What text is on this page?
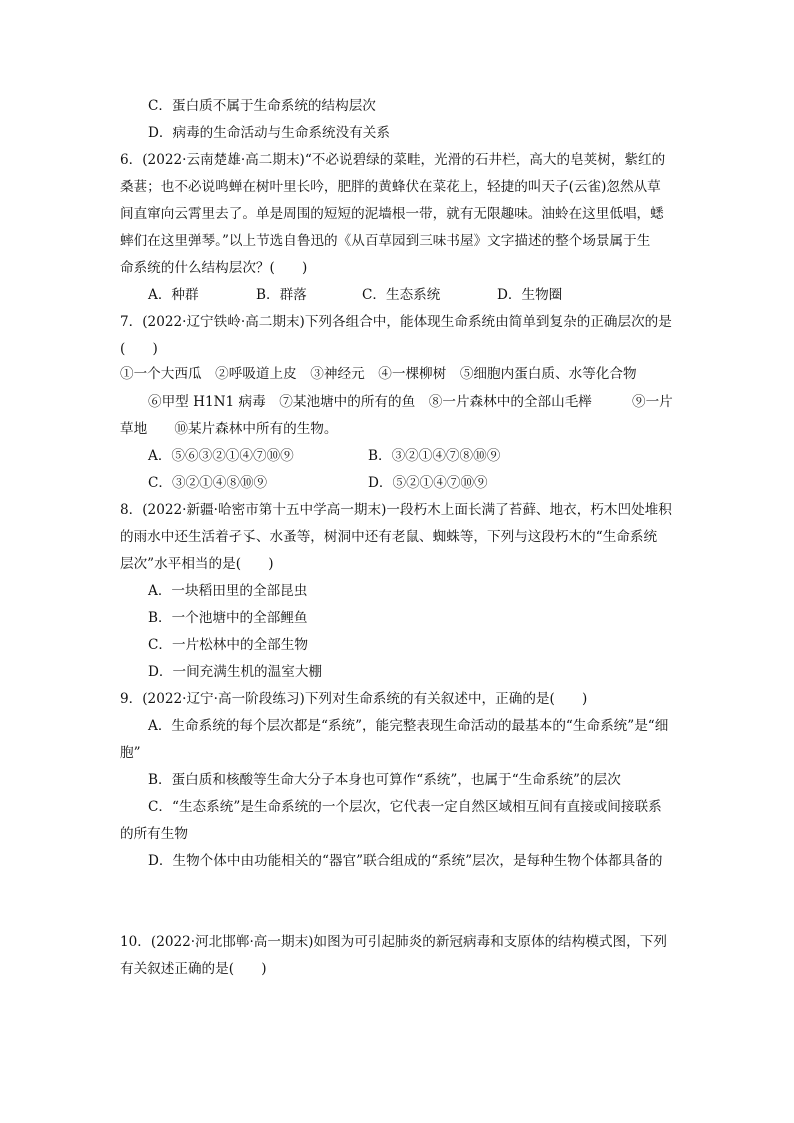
C．蛋白质不属于生命系统的结构层次
D．病毒的生命活动与生命系统没有关系
6．(2022·云南楚雄·高二期末)“不必说碧绿的菜畦，光滑的石井栏，高大的皂荚树，紫红的
桑葚；也不必说鸣蝉在树叶里长吟，肥胖的黄蜂伏在菜花上，轻捷的叫天子(云雀)忽然从草
间直窜向云霄里去了。单是周围的短短的泥墙根一带，就有无限趣味。油蛉在这里低唱，蟋
蟀们在这里弹琴。”以上节选自鲁迅的《从百草园到三味书屋》文字描述的整个场景属于生
命系统的什么结构层次？(　　)
A．种群	B．群落	C．生态系统	D．生物圈
7．(2022·辽宁铁岭·高二期末)下列各组合中，能体现生命系统由简单到复杂的正确层次的是
(　　)
①一个大西瓜　②呼吸道上皮　③神经元　④一棵柳树　⑤细胞内蛋白质、水等化合物
⑥甲型 H1N1 病毒　⑦某池塘中的所有的鱼　⑧一片森林中的全部山毛榉	⑨一片
草地　　⑩某片森林中所有的生物。
A．⑤⑥③②①④⑦⑩⑨	B．③②①④⑦⑧⑩⑨
C．③②①④⑧⑩⑨	D．⑤②①④⑦⑩⑨
8．(2022·新疆·哈密市第十五中学高一期末)一段朽木上面长满了苔藓、地衣，朽木凹处堆积
的雨水中还生活着孑孓、水蚤等，树洞中还有老鼠、蜘蛛等，下列与这段朽木的“生命系统
层次”水平相当的是(　　)
A．一块稻田里的全部昆虫
B．一个池塘中的全部鲤鱼
C．一片松林中的全部生物
D．一间充满生机的温室大棚
9．(2022·辽宁·高一阶段练习)下列对生命系统的有关叙述中，正确的是(　　)
A．生命系统的每个层次都是“系统”，能完整表现生命活动的最基本的“生命系统”是“细
胞”
B．蛋白质和核酸等生命大分子本身也可算作“系统”，也属于“生命系统”的层次
C．“生态系统”是生命系统的一个层次，它代表一定自然区域相互间有直接或间接联系
的所有生物
D．生物个体中由功能相关的“器官”联合组成的“系统”层次，是每种生物个体都具备的
10．(2022·河北邯郸·高一期末)如图为可引起肺炎的新冠病毒和支原体的结构模式图，下列
有关叙述正确的是(　　)
